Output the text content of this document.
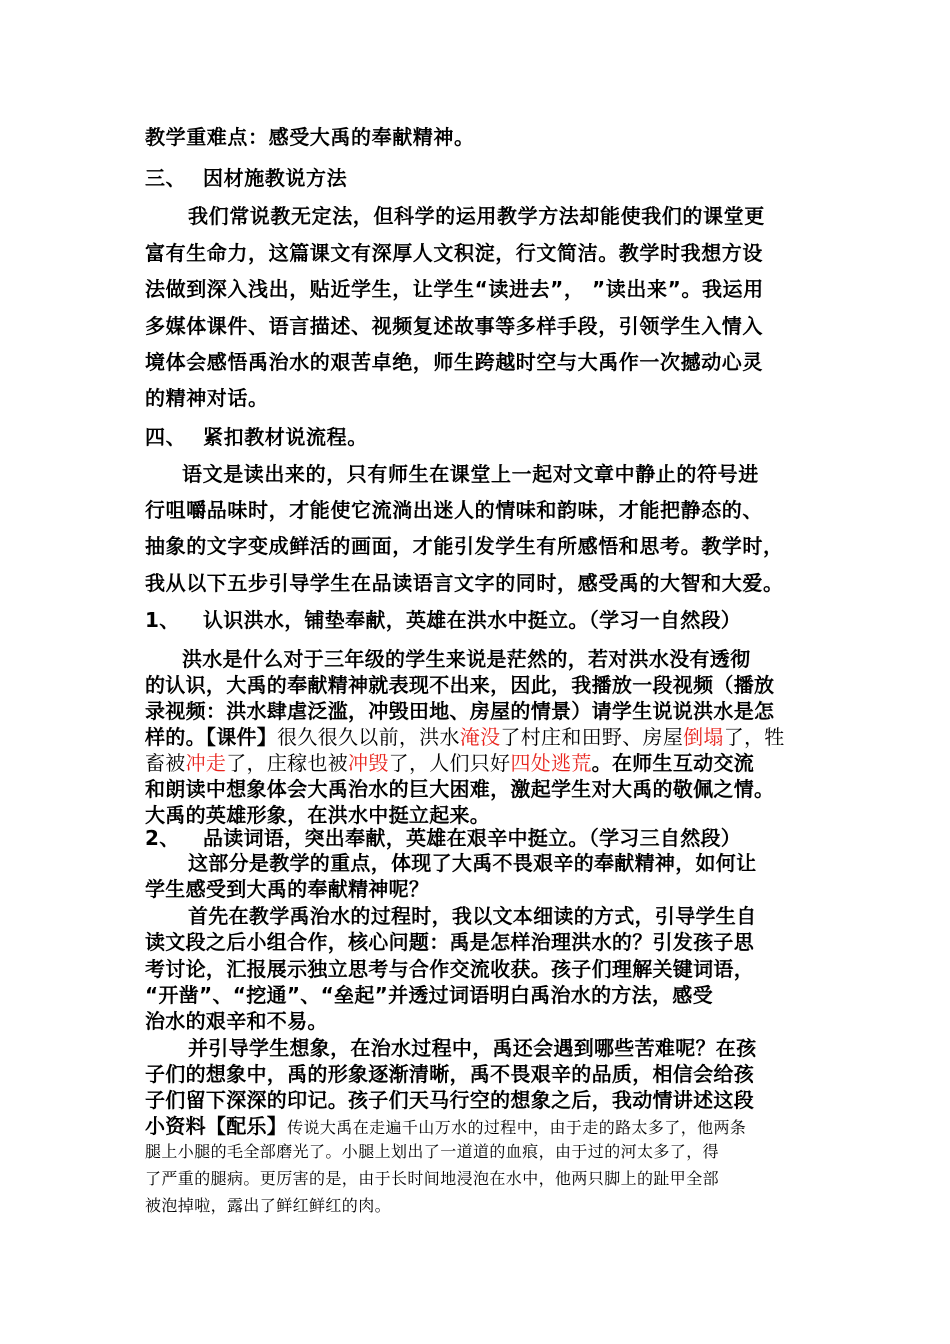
教学重难点：感受大禹的奉献精神。
三、 因材施教说方法
我们常说教无定法，但科学的运用教学方法却能使我们的课堂更
富有生命力，这篇课文有深厚人文积淀，行文简洁。教学时我想方设
法做到深入浅出，贴近学生，让学生“读进去”， ”读出来”。我运用
多媒体课件、语言描述、视频复述故事等多样手段，引领学生入情入
境体会感悟禹治水的艰苦卓绝，师生跨越时空与大禹作一次撼动心灵
的精神对话。
四、 紧扣教材说流程。
语文是读出来的，只有师生在课堂上一起对文章中静止的符号进
行咀嚼品味时，才能使它流淌出迷人的情味和韵味，才能把静态的、
抽象的文字变成鲜活的画面，才能引发学生有所感悟和思考。教学时，
我从以下五步引导学生在品读语言文字的同时，感受禹的大智和大爱。
1、 认识洪水，铺垫奉献，英雄在洪水中挺立。（学习一自然段）
洪水是什么对于三年级的学生来说是茫然的，若对洪水没有透彻
的认识，大禹的奉献精神就表现不出来，因此，我播放一段视频（播放
录视频：洪水肆虐泛滥，冲毁田地、房屋的情景）请学生说说洪水是怎
样的。【课件】很久很久以前，洪水淹没了村庄和田野、房屋倒塌了，牲
畜被冲走了，庄稼也被冲毁了，人们只好四处逃荒。在师生互动交流
和朗读中想象体会大禹治水的巨大困难，激起学生对大禹的敬佩之情。
大禹的英雄形象，在洪水中挺立起来。
2、 品读词语，突出奉献，英雄在艰辛中挺立。（学习三自然段）
这部分是教学的重点，体现了大禹不畏艰辛的奉献精神，如何让
学生感受到大禹的奉献精神呢？
首先在教学禹治水的过程时，我以文本细读的方式，引导学生自
读文段之后小组合作，核心问题：禹是怎样治理洪水的？引发孩子思
考讨论，汇报展示独立思考与合作交流收获。孩子们理解关键词语，
“开凿”、“挖通”、“垒起”并透过词语明白禹治水的方法，感受
治水的艰辛和不易。
并引导学生想象，在治水过程中，禹还会遇到哪些苦难呢？在孩
子们的想象中，禹的形象逐渐清晰，禹不畏艰辛的品质，相信会给孩
子们留下深深的印记。孩子们天马行空的想象之后，我动情讲述这段
小资料【配乐】传说大禹在走遍千山万水的过程中，由于走的路太多了，他两条
腿上小腿的毛全部磨光了。小腿上划出了一道道的血痕，由于过的河太多了，得
了严重的腿病。更厉害的是，由于长时间地浸泡在水中，他两只脚上的趾甲全部
被泡掉啦，露出了鲜红鲜红的肉。
